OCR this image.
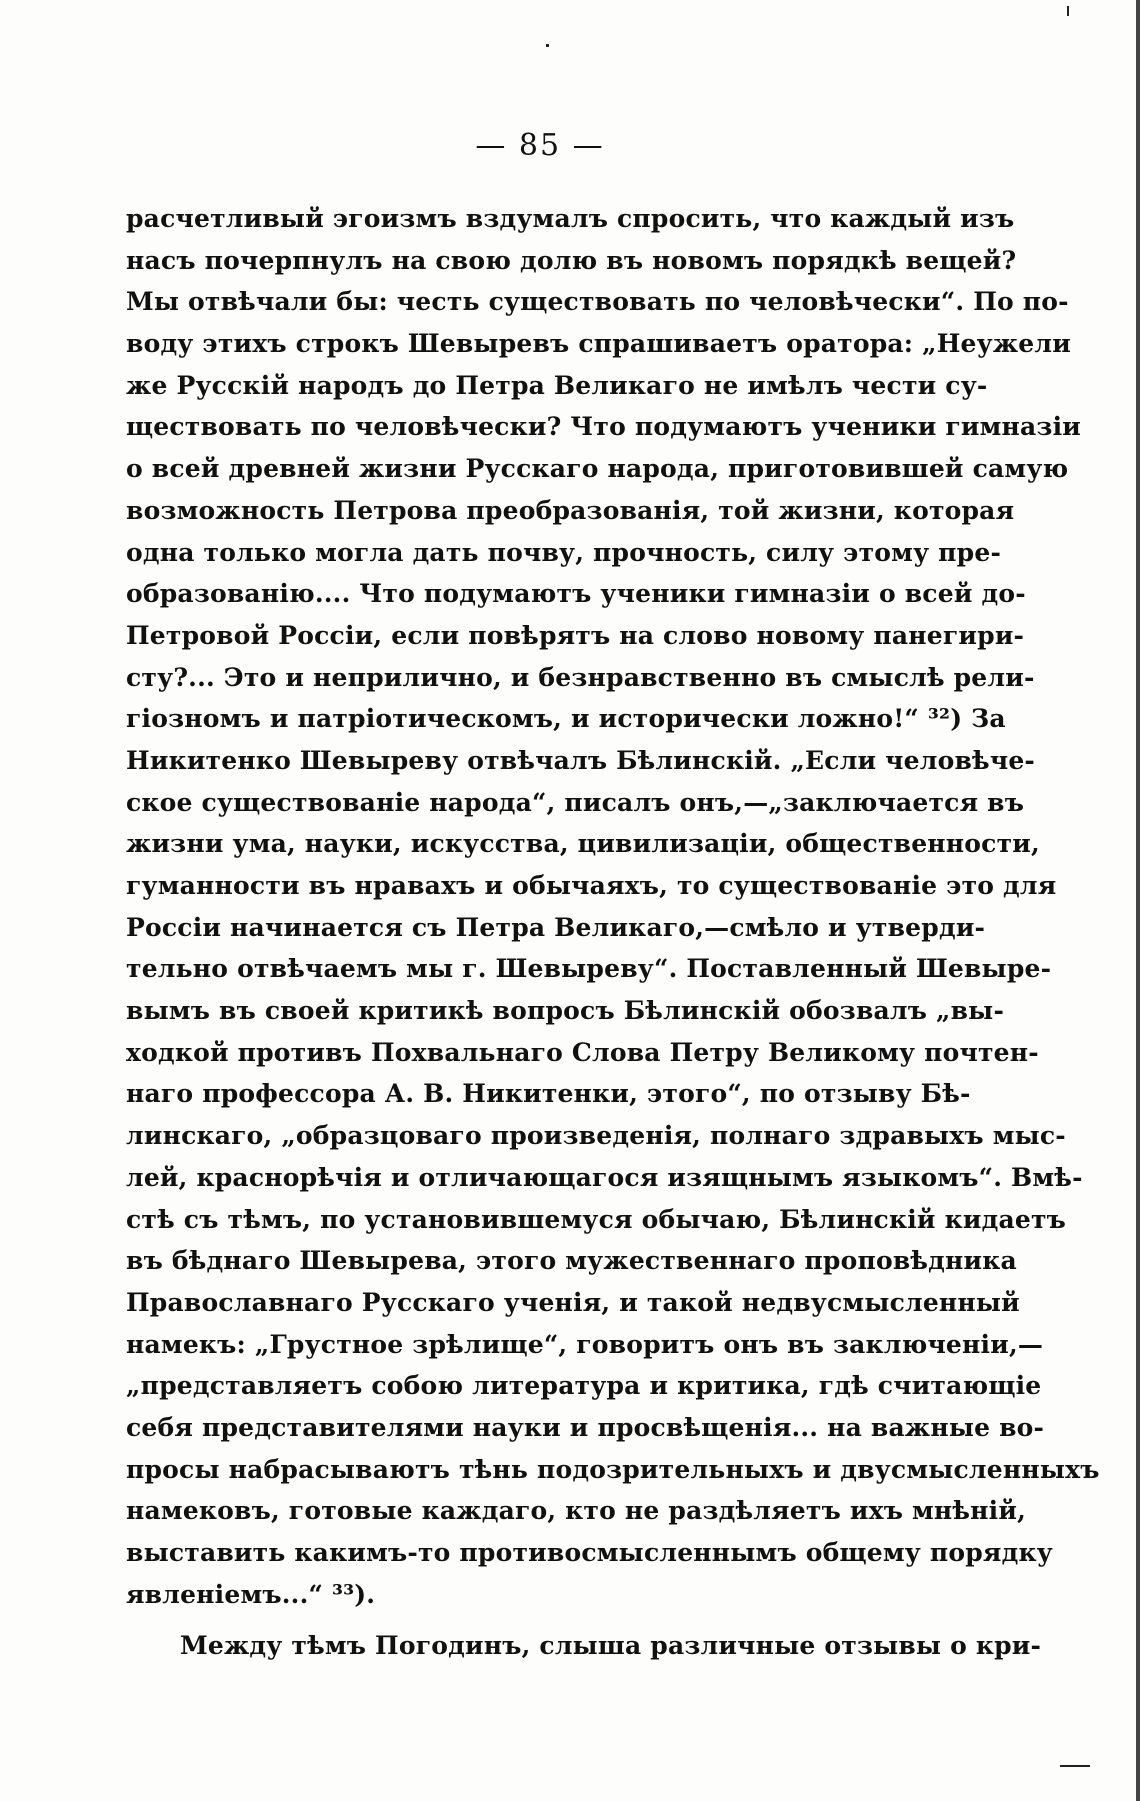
— 85 —
расчетливый эгоизмъ вздумалъ спросить, что каждый изъ
насъ почерпнулъ на свою долю въ новомъ порядкѣ вещей?
Мы отвѣчали бы: честь существовать по человѣчески“. По по-
воду этихъ строкъ Шевыревъ спрашиваетъ оратора: „Неужели
же Русскій народъ до Петра Великаго не имѣлъ чести су-
ществовать по человѣчески? Что подумаютъ ученики гимназіи
о всей древней жизни Русскаго народа, приготовившей самую
возможность Петрова преобразованія, той жизни, которая
одна только могла дать почву, прочность, силу этому пре-
образованію.... Что подумаютъ ученики гимназіи о всей до-
Петровой Россіи, если повѣрятъ на слово новому панегири-
сту?... Это и неприлично, и безнравственно въ смыслѣ рели-
гіозномъ и патріотическомъ, и исторически ложно!“ ³²) За
Никитенко Шевыреву отвѣчалъ Бѣлинскій. „Если человѣче-
ское существованіе народа“, писалъ онъ,—„заключается въ
жизни ума, науки, искусства, цивилизаціи, общественности,
гуманности въ нравахъ и обычаяхъ, то существованіе это для
Россіи начинается съ Петра Великаго,—смѣло и утверди-
тельно отвѣчаемъ мы г. Шевыреву“. Поставленный Шевыре-
вымъ въ своей критикѣ вопросъ Бѣлинскій обозвалъ „вы-
ходкой противъ Похвальнаго Слова Петру Великому почтен-
наго профессора А. В. Никитенки, этого“, по отзыву Бѣ-
линскаго, „образцоваго произведенія, полнаго здравыхъ мыс-
лей, краснорѣчія и отличающагося изящнымъ языкомъ“. Вмѣ-
стѣ съ тѣмъ, по установившемуся обычаю, Бѣлинскій кидаетъ
въ бѣднаго Шевырева, этого мужественнаго проповѣдника
Православнаго Русскаго ученія, и такой недвусмысленный
намекъ: „Грустное зрѣлище“, говоритъ онъ въ заключеніи,—
„представляетъ собою литература и критика, гдѣ считающіе
себя представителями науки и просвѣщенія... на важные во-
просы набрасываютъ тѣнь подозрительныхъ и двусмысленныхъ
намековъ, готовые каждаго, кто не раздѣляетъ ихъ мнѣній,
выставить какимъ-то противосмысленнымъ общему порядку
явленіемъ...“ ³³).
Между тѣмъ Погодинъ, слыша различные отзывы о кри-
